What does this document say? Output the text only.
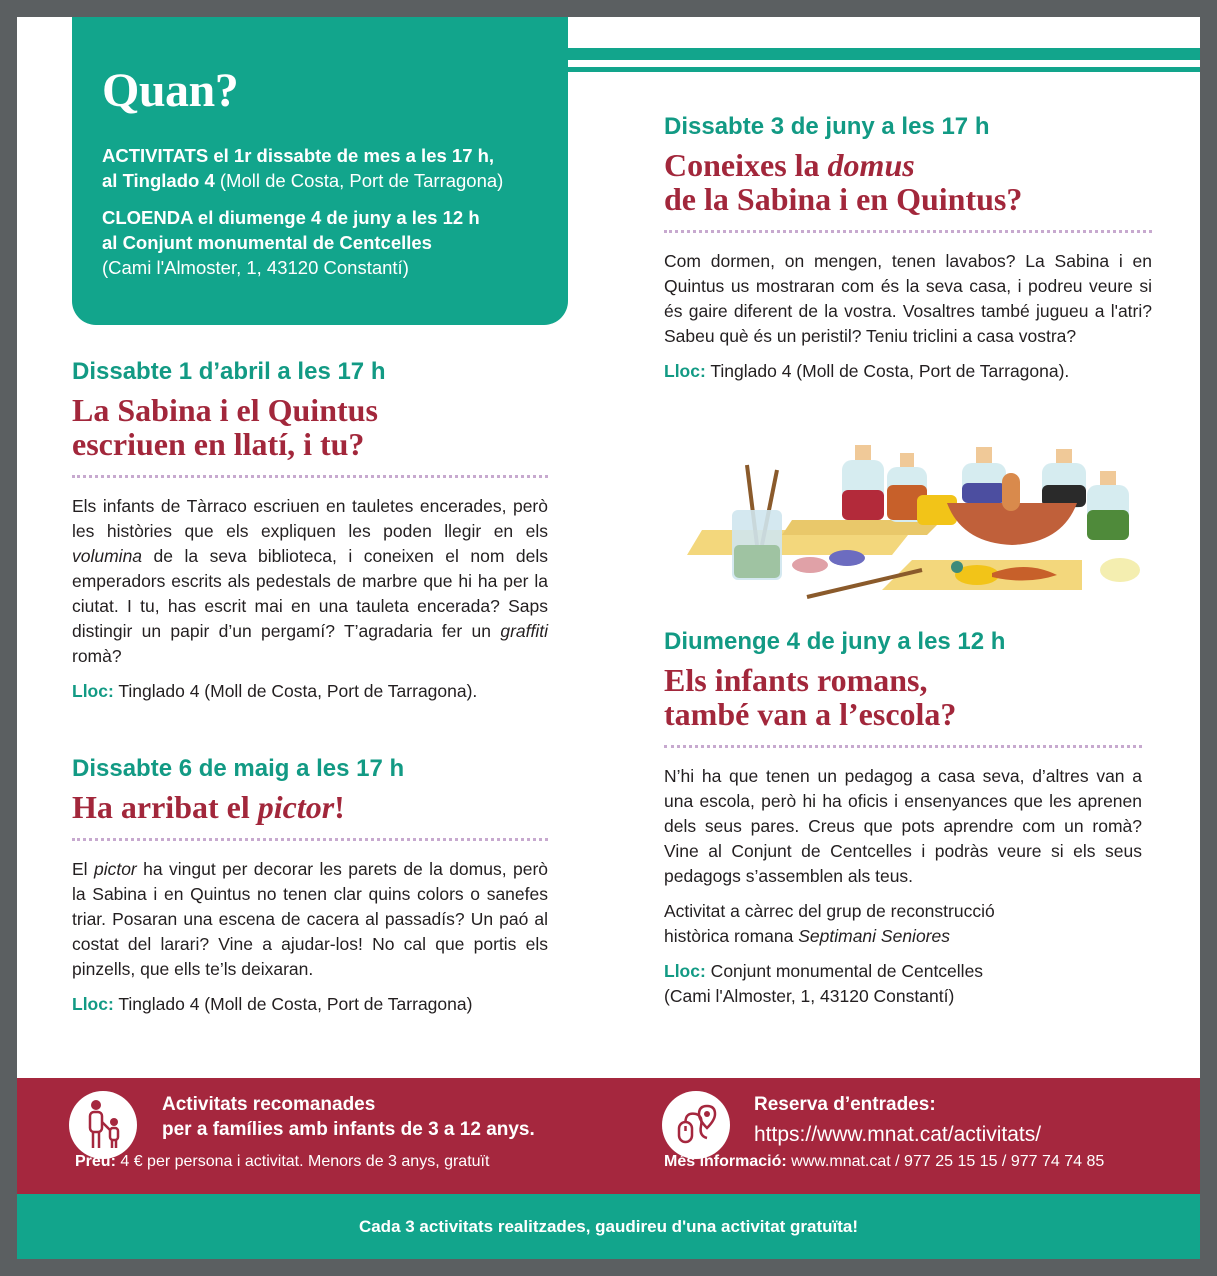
Quan?

ACTIVITATS el 1r dissabte de mes a les 17 h,
al Tinglado 4 (Moll de Costa, Port de Tarragona)

CLOENDA el diumenge 4 de juny a les 12 h
al Conjunt monumental de Centcelles
(Cami l'Almoster, 1, 43120 Constantí)

Dissabte 1 d’abril a les 17 h
La Sabina i el Quintus
escriuen en llatí, i tu?
Els infants de Tàrraco escriuen en tauletes encerades, però les històries que els expliquen les poden llegir en els volumina de la seva biblioteca, i coneixen el nom dels emperadors escrits als pedestals de marbre que hi ha per la ciutat. I tu, has escrit mai en una tauleta encerada? Saps distingir un papir d’un pergamí? T’agradaria fer un graffiti romà?
Lloc: Tinglado 4 (Moll de Costa, Port de Tarragona).
Dissabte 6 de maig a les 17 h
Ha arribat el pictor!
El pictor ha vingut per decorar les parets de la domus, però la Sabina i en Quintus no tenen clar quins colors o sanefes triar. Posaran una escena de cacera al passadís? Un paó al costat del larari? Vine a ajudar-los! No cal que portis els pinzells, que ells te’ls deixaran.
Lloc: Tinglado 4 (Moll de Costa, Port de Tarragona)
Dissabte 3 de juny a les 17 h
Coneixes la domus
de la Sabina i en Quintus?
Com dormen, on mengen, tenen lavabos? La Sabina i en Quintus us mostraran com és la seva casa, i podreu veure si és gaire diferent de la vostra. Vosaltres també jugueu a l'atri? Sabeu què és un peristil? Teniu triclini a casa vostra?
Lloc: Tinglado 4 (Moll de Costa, Port de Tarragona).
Diumenge 4 de juny a les 12 h
Els infants romans,
també van a l’escola?
N’hi ha que tenen un pedagog a casa seva, d’altres van a una escola, però hi ha oficis i ensenyances que les aprenen dels seus pares. Creus que pots aprendre com un romà? Vine al Conjunt de Centcelles i podràs veure si els seus pedagogs s’assemblen als teus.
Activitat a càrrec del grup de reconstrucció
històrica romana Septimani Seniores
Lloc: Conjunt monumental de Centcelles
(Cami l'Almoster, 1, 43120 Constantí)
Activitats recomanades
per a famílies amb infants de 3 a 12 anys.
Preu: 4 € per persona i activitat. Menors de 3 anys, gratuït
Reserva d’entrades:
https://www.mnat.cat/activitats/
Més informació: www.mnat.cat / 977 25 15 15 / 977 74 74 85
Cada 3 activitats realitzades, gaudireu d'una activitat gratuïta!
